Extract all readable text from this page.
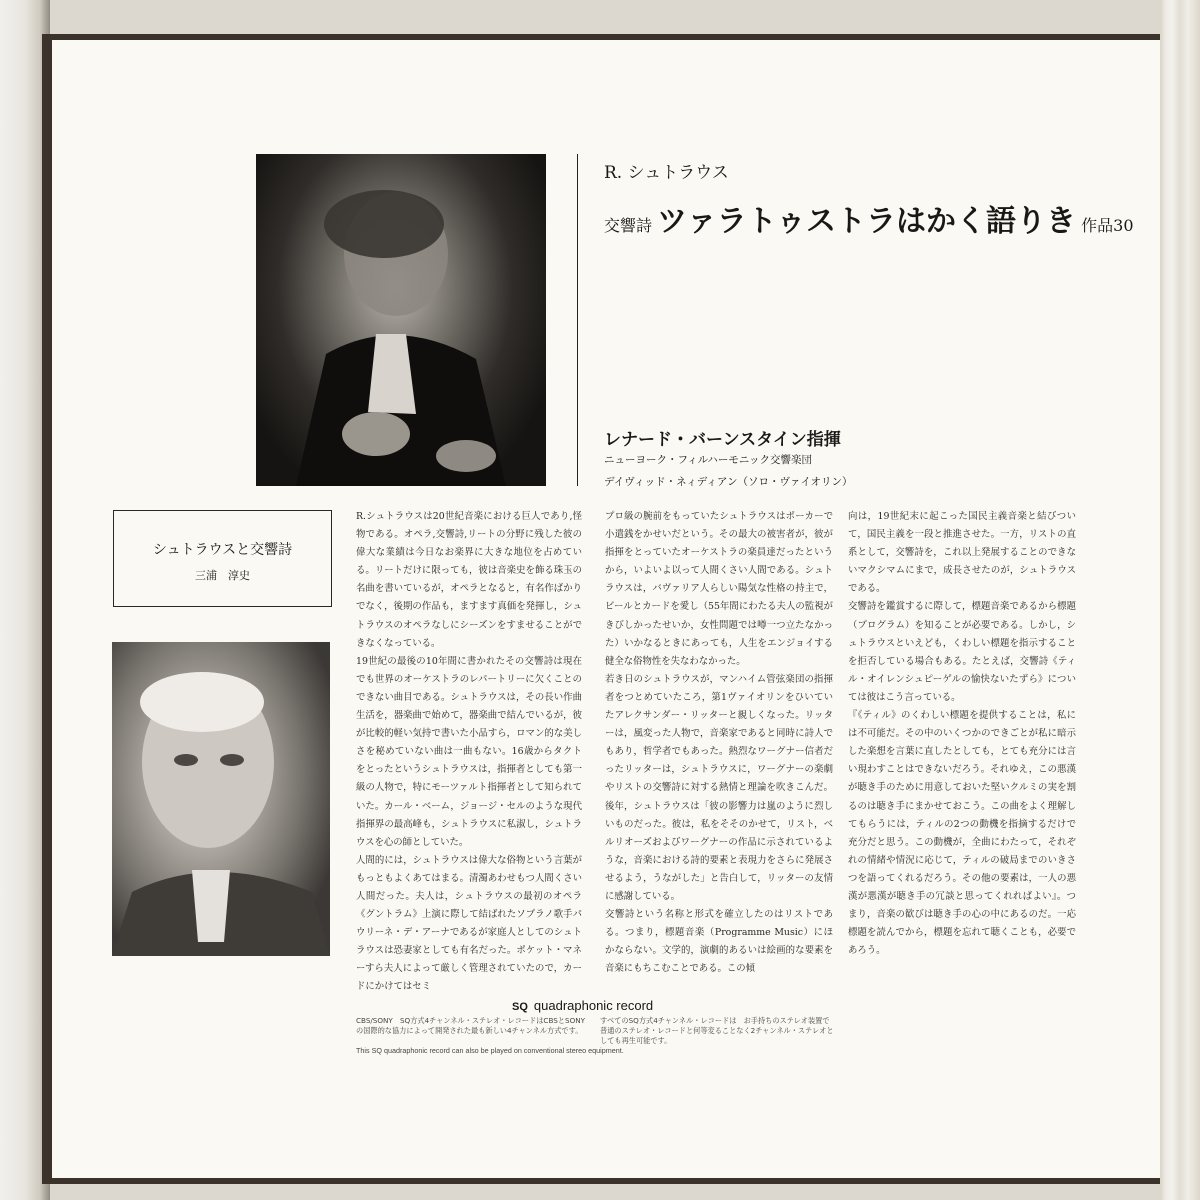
R. シュトラウス
交響詩 ツァラトゥストラはかく語りき 作品30
レナード・バーンスタイン指揮
ニューヨーク・フィルハーモニック交響楽団
デイヴィッド・ネィディアン（ソロ・ヴァイオリン）
シュトラウスと交響詩
三浦　淳史
R.シュトラウスは20世紀音楽における巨人であり,怪物である。オペラ,交響詩,リートの分野に残した彼の偉大な業績は今日なお楽界に大きな地位を占めている。リートだけに限っても，彼は音楽史を飾る珠玉の名曲を書いているが，オペラとなると，有名作ばかりでなく，後期の作品も，ますます真価を発揮し，シュトラウスのオペラなしにシーズンをすませることができなくなっている。
19世紀の最後の10年間に書かれたその交響詩は現在でも世界のオーケストラのレパートリーに欠くことのできない曲目である。シュトラウスは，その長い作曲生活を，器楽曲で始めて，器楽曲で結んでいるが，彼が比較的軽い気持で書いた小品すら，ロマン的な美しさを秘めていない曲は一曲もない。16歳からタクトをとったというシュトラウスは，指揮者としても第一級の人物で，特にモーツァルト指揮者として知られていた。カール・ベーム，ジョージ・セルのような現代指揮界の最高峰も，シュトラウスに私淑し，シュトラウスを心の師としていた。
人間的には，シュトラウスは偉大な俗物という言葉がもっともよくあてはまる。清濁あわせもつ人間くさい人間だった。夫人は，シュトラウスの最初のオペラ《グントラム》上演に際して結ばれたソプラノ歌手パウリーネ・デ・アーナであるが家庭人としてのシュトラウスは恐妻家としても有名だった。ポケット・マネーすら夫人によって厳しく管理されていたので，カードにかけてはセミ
プロ級の腕前をもっていたシュトラウスはポーカーで小遣銭をかせいだという。その最大の被害者が，彼が指揮をとっていたオーケストラの楽員達だったというから，いよいよ以って人間くさい人間である。シュトラウスは，バヴァリア人らしい陽気な性格の持主で，ビールとカードを愛し（55年間にわたる夫人の監視がきびしかったせいか，女性問題では噂一つ立たなかった）いかなるときにあっても，人生をエンジョイする健全な俗物性を失なわなかった。
若き日のシュトラウスが，マンハイム管弦楽団の指揮者をつとめていたころ，第1ヴァイオリンをひいていたアレクサンダー・リッターと親しくなった。リッターは，風変った人物で，音楽家であると同時に詩人でもあり，哲学者でもあった。熱烈なワーグナー信者だったリッターは，シュトラウスに，ワーグナーの楽劇やリストの交響詩に対する熱情と理論を吹きこんだ。後年，シュトラウスは「彼の影響力は嵐のように烈しいものだった。彼は，私をそそのかせて，リスト，ベルリオーズおよびワーグナーの作品に示されているような，音楽における詩的要素と表現力をさらに発展させるよう，うながした」と告白して，リッターの友情に感謝している。
交響詩という名称と形式を確立したのはリストである。つまり，標題音楽（Programme Music）にほかならない。文学的，演劇的あるいは絵画的な要素を音楽にもちこむことである。この傾
向は，19世紀末に起こった国民主義音楽と結びついて，国民主義を一段と推進させた。一方，リストの直系として，交響詩を，これ以上発展することのできないマクシマムにまで，成長させたのが，シュトラウスである。
交響詩を鑑賞するに際して，標題音楽であるから標題（プログラム）を知ることが必要である。しかし，シュトラウスといえども，くわしい標題を指示することを拒否している場合もある。たとえば，交響詩《ティル・オイレンシュピーゲルの愉快ないたずら》については彼はこう言っている。
『《ティル》のくわしい標題を提供することは，私には不可能だ。その中のいくつかのできごとが私に暗示した楽想を言葉に直したとしても，とても充分には言い現わすことはできないだろう。それゆえ，この悪漢が聴き手のために用意しておいた堅いクルミの実を割るのは聴き手にまかせておこう。この曲をよく理解してもらうには，ティルの2つの動機を指摘するだけで充分だと思う。この動機が，全曲にわたって，それぞれの情緒や情況に応じて，ティルの破局までのいきさつを語ってくれるだろう。その他の要素は，一人の悪漢が悪漢が聴き手の冗談と思ってくれればよい』。つまり，音楽の歓びは聴き手の心の中にあるのだ。一応標題を読んでから，標題を忘れて聴くことも，必要であろう。
SQ quadraphonic record
CBS/SONY　SQ方式4チャンネル・ステレオ・レコードはCBSとSONYの国際的な協力によって開発された最も新しい4チャンネル方式です。
すべてのSQ方式4チャンネル・レコードは　お手持ちのステレオ装置で　普通のステレオ・レコードと何等変ることなく2チャンネル・ステレオとしても再生可能です。
This SQ quadraphonic record can also be played on conventional stereo equipment.
